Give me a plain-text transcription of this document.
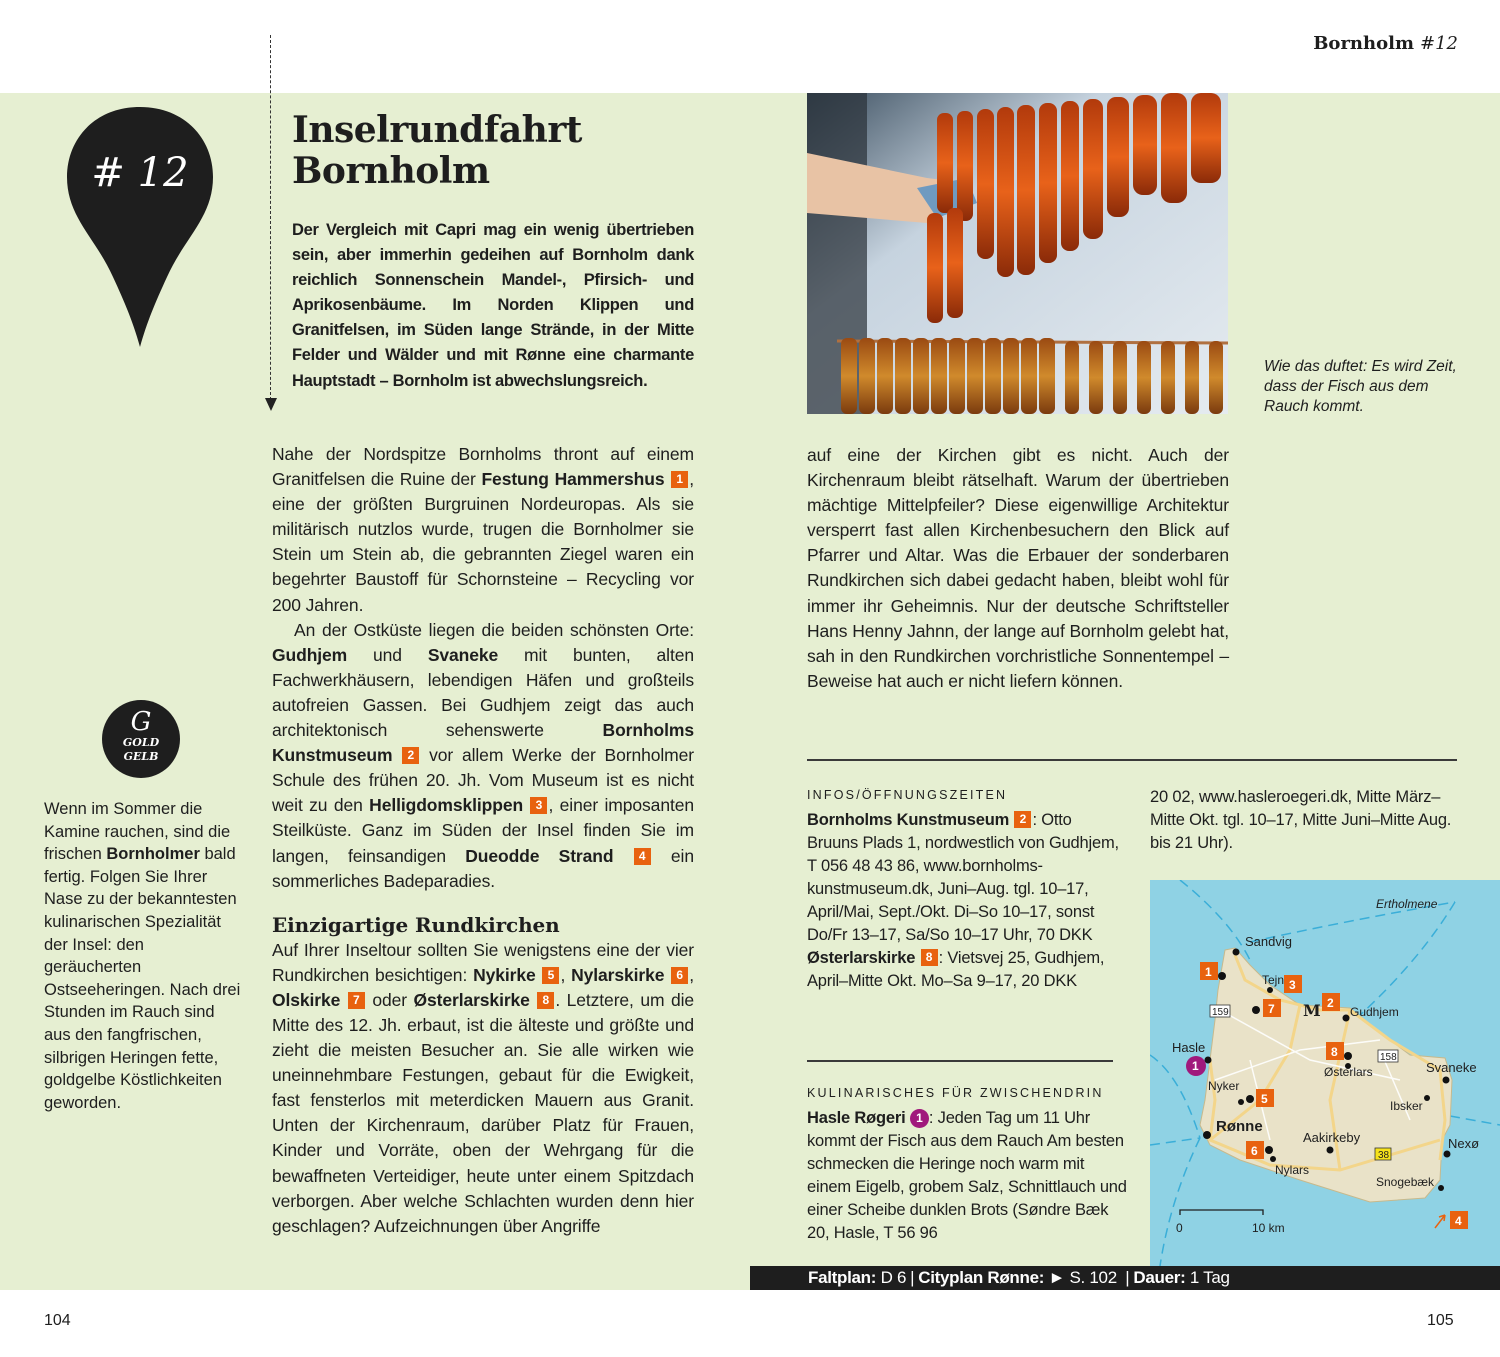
Bornholm #12
# 12
Inselrundfahrt
Bornholm
Der Vergleich mit Capri mag ein wenig übertrieben sein, aber immerhin gedeihen auf Bornholm dank reichlich Sonnenschein Mandel-, Pfirsich- und Aprikosenbäume. Im Norden Klippen und Granitfelsen, im Süden lange Strände, in der Mitte Felder und Wälder und mit Rønne eine charmante Hauptstadt – Bornholm ist abwechslungsreich.

Nahe der Nordspitze Bornholms thront auf einem Granitfelsen die Ruine der Festung Hammershus 1 , eine der größten Burgruinen Nordeuropas. Als sie militärisch nutzlos wurde, trugen die Bornholmer sie Stein um Stein ab, die gebrannten Ziegel waren ein begehrter Baustoff für Schornsteine – Recycling vor 200 Jahren.

An der Ostküste liegen die beiden schönsten Orte: Gudhjem und Svaneke mit bunten, alten Fachwerkhäusern, lebendigen Häfen und großteils autofreien Gassen. Bei Gudhjem zeigt das auch architektonisch sehenswerte Bornholms Kunstmuseum 2 vor allem Werke der Bornholmer Schule des frühen 20. Jh. Vom Museum ist es nicht weit zu den Helligdomsklippen 3 , einer imposanten Steilküste. Ganz im Süden der Insel finden Sie im langen, feinsandigen Dueodde Strand 4 ein sommerliches Badeparadies.

Einzigartige Rundkirchen

Auf Ihrer Inseltour sollten Sie wenigstens eine der vier Rundkirchen besichtigen: Nykirke 5 , Nylarskirke 6 , Olskirke 7 oder Østerlarskirke 8 . Letztere, um die Mitte des 12. Jh. erbaut, ist die älteste und größte und zieht die meisten Besucher an. Sie alle wirken wie uneinnehmbare Festungen, gebaut für die Ewigkeit, fast fensterlos mit meterdicken Mauern aus Granit. Unten der Kirchenraum, darüber Platz für Frauen, Kinder und Vorräte, oben der Wehrgang für die bewaffneten Verteidiger, heute unter einem Spitzdach verborgen. Aber welche Schlachten wurden denn hier geschlagen? Aufzeichnungen über Angriffe

auf eine der Kirchen gibt es nicht. Auch der Kirchenraum bleibt rätselhaft. Warum der übertrieben mächtige Mittelpfeiler? Diese eigenwillige Architektur versperrt fast allen Kirchenbesuchern den Blick auf Pfarrer und Altar. Was die Erbauer der sonderbaren Rundkirchen sich dabei gedacht haben, bleibt wohl für immer ihr Geheimnis. Nur der deutsche Schriftsteller Hans Henny Jahnn, der lange auf Bornholm gelebt hat, sah in den Rundkirchen vorchristliche Sonnentempel – Beweise hat auch er nicht liefern können.

G
GOLD
GELB
Wenn im Sommer die Kamine rauchen, sind die frischen Bornholmer bald fertig. Folgen Sie Ihrer Nase zu der bekanntesten kulinarischen Spezialität der Insel: den geräucherten Ostseeheringen. Nach drei Stunden im Rauch sind aus den fangfrischen, silbrigen Heringen fette, goldgelbe Köstlichkeiten geworden.
Wie das duftet: Es wird Zeit, dass der Fisch aus dem Rauch kommt.
INFOS/ÖFFNUNGSZEITEN
Bornholms Kunstmuseum 2 : Otto Bruuns Plads 1, nordwestlich von Gudhjem, T 056 48 43 86, www.bornholms-kunstmuseum.dk, Juni–Aug. tgl. 10–17, April/Mai, Sept./Okt. Di–So 10–17, sonst Do/Fr 13–17, Sa/So 10–17 Uhr, 70 DKK
Østerlarskirke 8 : Vietsvej 25, Gudhjem, April–Mitte Okt. Mo–Sa 9–17, 20 DKK
KULINARISCHES FÜR ZWISCHENDRIN
Hasle Røgeri 1 : Jeden Tag um 11 Uhr kommt der Fisch aus dem Rauch Am besten schmecken die Heringe noch warm mit einem Eigelb, grobem Salz, Schnittlauch und einer Scheibe dunklen Brots (Søndre Bæk 20, Hasle, T 56 96
20 02, www.hasleroegeri.dk, Mitte März–Mitte Okt. tgl. 10–17, Mitte Juni–Mitte Aug. bis 21 Uhr).
Ertholmene
Sandvig
Tejn
Gudhjem
Hasle
Østerlars	Svaneke
Nyker
Ibsker
Rønne
Aakirkeby	Nexø
Nylars
Snogebæk
0	10 km
159
158
38
1
2
3
4
5
6
7
8
1
M
Faltplan: D 6 | Cityplan Rønne: ► S. 102 | Dauer: 1 Tag
104	105
